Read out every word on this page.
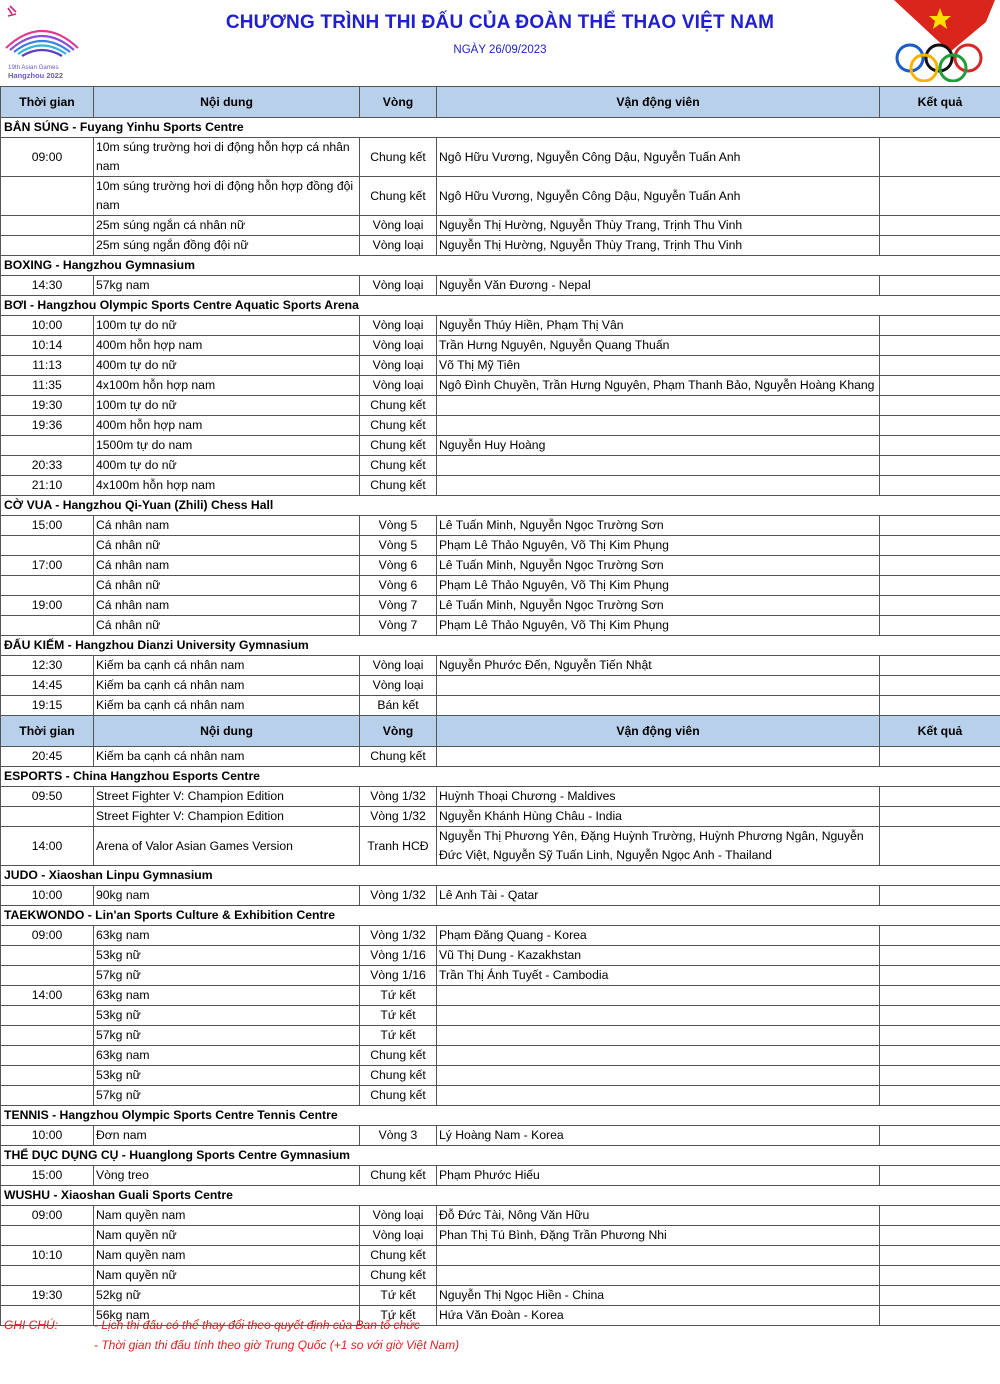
19th Asian Games
Hangzhou 2022
CHƯƠNG TRÌNH THI ĐẤU CỦA ĐOÀN THỂ THAO VIỆT NAM
NGÀY 26/09/2023
Thời gian	Nội dung	Vòng	Vận động viên	Kết quả
BẮN SÚNG - Fuyang Yinhu Sports Centre				
09:00	10m súng trường hơi di động hỗn hợp cá nhân nam	Chung kết	Ngô Hữu Vương, Nguyễn Công Dậu, Nguyễn Tuấn Anh	
	10m súng trường hơi di động hỗn hợp đồng đội nam	Chung kết	Ngô Hữu Vương, Nguyễn Công Dậu, Nguyễn Tuấn Anh	
	25m súng ngắn cá nhân nữ	Vòng loại	Nguyễn Thị Hường, Nguyễn Thùy Trang, Trịnh Thu Vinh	
	25m súng ngắn đồng đội nữ	Vòng loại	Nguyễn Thị Hường, Nguyễn Thùy Trang, Trịnh Thu Vinh	
BOXING - Hangzhou Gymnasium				
14:30	57kg nam	Vòng loại	Nguyễn Văn Đương - Nepal	
BƠI - Hangzhou Olympic Sports Centre Aquatic Sports Arena				
10:00	100m tự do nữ	Vòng loại	Nguyễn Thúy Hiền, Phạm Thị Vân	
10:14	400m hỗn hợp nam	Vòng loại	Trần Hưng Nguyên, Nguyễn Quang Thuấn	
11:13	400m tự do nữ	Vòng loại	Võ Thị Mỹ Tiên	
11:35	4x100m hỗn hợp nam	Vòng loại	Ngô Đình Chuyền, Trần Hưng Nguyên, Phạm Thanh Bảo, Nguyễn Hoàng Khang	
19:30	100m tự do nữ	Chung kết		
19:36	400m hỗn hợp nam	Chung kết		
	1500m tự do nam	Chung kết	Nguyễn Huy Hoàng	
20:33	400m tự do nữ	Chung kết		
21:10	4x100m hỗn hợp nam	Chung kết		
CỜ VUA - Hangzhou Qi-Yuan (Zhili) Chess Hall				
15:00	Cá nhân nam	Vòng 5	Lê Tuấn Minh, Nguyễn Ngọc Trường Sơn	
	Cá nhân nữ	Vòng 5	Phạm Lê Thảo Nguyên, Võ Thị Kim Phụng	
17:00	Cá nhân nam	Vòng 6	Lê Tuấn Minh, Nguyễn Ngọc Trường Sơn	
	Cá nhân nữ	Vòng 6	Phạm Lê Thảo Nguyên, Võ Thị Kim Phụng	
19:00	Cá nhân nam	Vòng 7	Lê Tuấn Minh, Nguyễn Ngọc Trường Sơn	
	Cá nhân nữ	Vòng 7	Phạm Lê Thảo Nguyên, Võ Thị Kim Phụng	
ĐẤU KIẾM - Hangzhou Dianzi University Gymnasium				
12:30	Kiếm ba cạnh cá nhân nam	Vòng loại	Nguyễn Phước Đến, Nguyễn Tiến Nhật	
14:45	Kiếm ba cạnh cá nhân nam	Vòng loại		
19:15	Kiếm ba cạnh cá nhân nam	Bán kết		
Thời gian	Nội dung	Vòng	Vận động viên	Kết quả
20:45	Kiếm ba cạnh cá nhân nam	Chung kết		
ESPORTS - China Hangzhou Esports Centre				
09:50	Street Fighter V: Champion Edition	Vòng 1/32	Huỳnh Thoại Chương - Maldives	
	Street Fighter V: Champion Edition	Vòng 1/32	Nguyễn Khánh Hùng Châu - India	
14:00	Arena of Valor Asian Games Version	Tranh HCĐ	Nguyễn Thị Phương Yên, Đặng Huỳnh Trường, Huỳnh Phương Ngân, Nguyễn Đức Việt, Nguyễn Sỹ Tuấn Linh, Nguyễn Ngọc Anh - Thailand	
JUDO - Xiaoshan Linpu Gymnasium				
10:00	90kg nam	Vòng 1/32	Lê Anh Tài - Qatar	
TAEKWONDO - Lin'an Sports Culture & Exhibition Centre				
09:00	63kg nam	Vòng 1/32	Phạm Đăng Quang - Korea	
	53kg nữ	Vòng 1/16	Vũ Thị Dung - Kazakhstan	
	57kg nữ	Vòng 1/16	Trần Thị Ánh Tuyết - Cambodia	
14:00	63kg nam	Tứ kết		
	53kg nữ	Tứ kết		
	57kg nữ	Tứ kết		
	63kg nam	Chung kết		
	53kg nữ	Chung kết		
	57kg nữ	Chung kết		
TENNIS - Hangzhou Olympic Sports Centre Tennis Centre				
10:00	Đơn nam	Vòng 3	Lý Hoàng Nam - Korea	
THỂ DỤC DỤNG CỤ - Huanglong Sports Centre Gymnasium				
15:00	Vòng treo	Chung kết	Phạm Phước Hiếu	
WUSHU - Xiaoshan Guali Sports Centre				
09:00	Nam quyền nam	Vòng loại	Đỗ Đức Tài, Nông Văn Hữu	
	Nam quyền nữ	Vòng loại	Phan Thị Tú Bình, Đặng Trần Phương Nhi	
10:10	Nam quyền nam	Chung kết		
	Nam quyền nữ	Chung kết		
19:30	52kg nữ	Tứ kết	Nguyễn Thị Ngọc Hiền - China	
	56kg nam	Tứ kết	Hứa Văn Đoàn - Korea	
GHI CHÚ:	- Lịch thi đấu có thể thay đổi theo quyết định của Ban tổ chức
- Thời gian thi đấu tính theo giờ Trung Quốc (+1 so với giờ Việt Nam)
